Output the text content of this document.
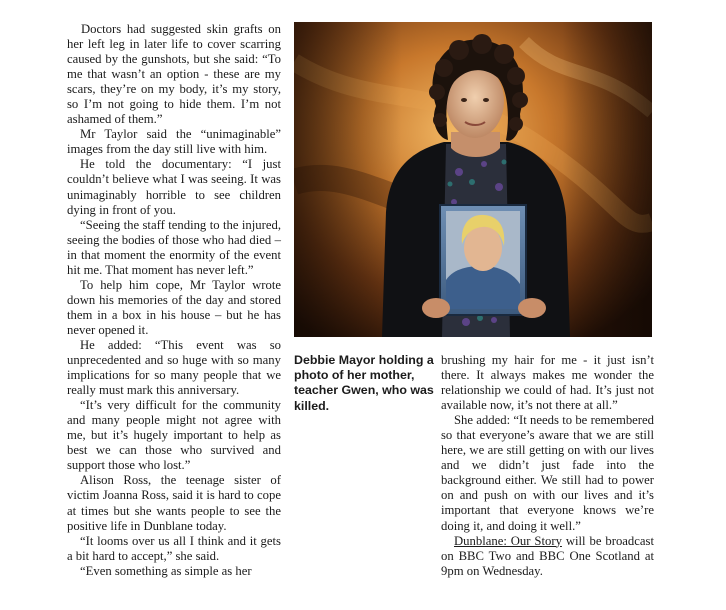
Doctors had suggested skin grafts on her left leg in later life to cover scarring caused by the gunshots, but she said: “To me that wasn’t an option - these are my scars, they’re on my body, it’s my story, so I’m not going to hide them. I’m not ashamed of them.”

Mr Taylor said the “unimaginable” images from the day still live with him.

He told the documentary: “I just couldn’t believe what I was seeing. It was unimaginably horrible to see children dying in front of you.

“Seeing the staff tending to the injured, seeing the bodies of those who had died – in that moment the enormity of the event hit me. That moment has never left.”

To help him cope, Mr Taylor wrote down his memories of the day and stored them in a box in his house – but he has never opened it.

He added: “This event was so unprecedented and so huge with so many implications for so many people that we really must mark this anniversary.

“It’s very difficult for the community and many people might not agree with me, but it’s hugely important to help as best we can those who survived and support those who lost.”

Alison Ross, the teenage sister of victim Joanna Ross, said it is hard to cope at times but she wants people to see the positive life in Dunblane today.

“It looms over us all I think and it gets a bit hard to accept,” she said.

“Even something as simple as her

Debbie Mayor holding a photo of her mother, teacher Gwen, who was killed.

brushing my hair for me - it just isn’t there. It always makes me wonder the relationship we could of had. It’s just not available now, it’s not there at all.”

She added: “It needs to be remembered so that everyone’s aware that we are still here, we are still getting on with our lives and we didn’t just fade into the background either. We still had to power on and push on with our lives and it’s important that everyone knows we’re doing it, and doing it well.”

Dunblane: Our Story will be broadcast on BBC Two and BBC One Scotland at 9pm on Wednesday.
